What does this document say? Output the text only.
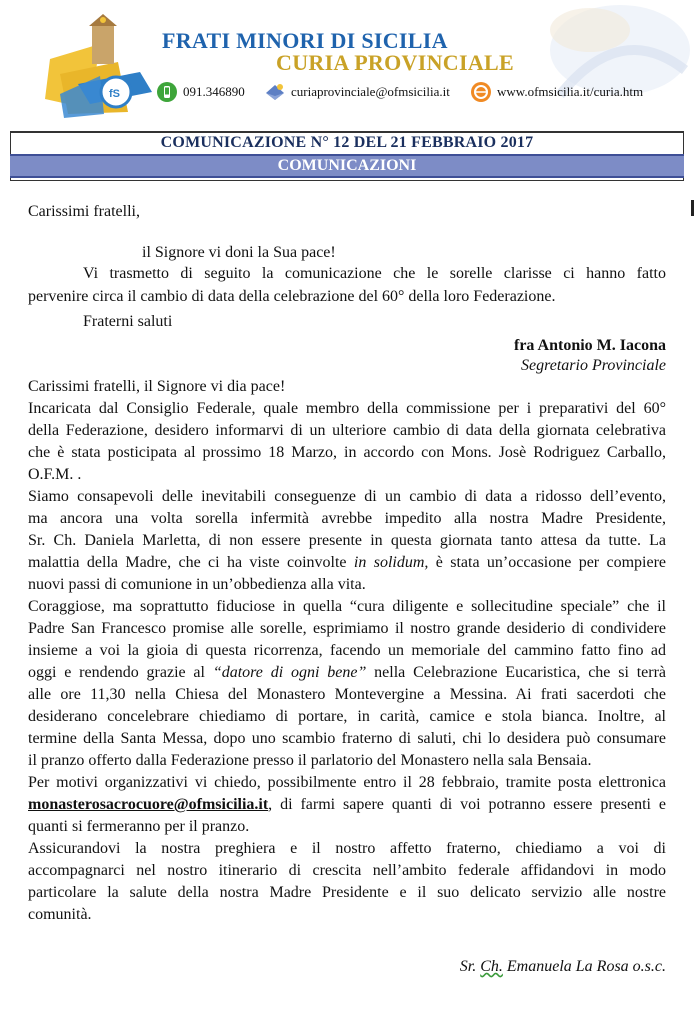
fS
FRATI MINORI DI SICILIA
CURIA PROVINCIALE
091.346890	curiaprovinciale@ofmsicilia.it	www.ofmsicilia.it/curia.htm
COMUNICAZIONE N° 12 DEL 21 FEBBRAIO 2017
COMUNICAZIONI
Carissimi fratelli,
il Signore vi doni la Sua pace!
Vi trasmetto di seguito la comunicazione che le sorelle clarisse ci hanno fatto
pervenire circa il cambio di data della celebrazione del 60° della loro Federazione.
Fraterni saluti
fra Antonio M. Iacona
Segretario Provinciale
Carissimi fratelli, il Signore vi dia pace!
Incaricata dal Consiglio Federale, quale membro della commissione per i preparativi del 60°
della Federazione, desidero informarvi di un ulteriore cambio di data della giornata celebrativa
che è stata posticipata al prossimo 18 Marzo, in accordo con Mons. Josè Rodriguez Carballo,
O.F.M. .
Siamo consapevoli delle inevitabili conseguenze di un cambio di data a ridosso dell’evento,
ma ancora una volta sorella infermità avrebbe impedito alla nostra Madre Presidente,
Sr. Ch. Daniela Marletta, di non essere presente in questa giornata tanto attesa da tutte. La
malattia della Madre, che ci ha viste coinvolte in solidum, è stata un’occasione per compiere
nuovi passi di comunione in un’obbedienza alla vita.
Coraggiose, ma soprattutto fiduciose in quella “cura diligente e sollecitudine speciale” che il
Padre San Francesco promise alle sorelle, esprimiamo il nostro grande desiderio di condividere
insieme a voi la gioia di questa ricorrenza, facendo un memoriale del cammino fatto fino ad
oggi e rendendo grazie al “datore di ogni bene” nella Celebrazione Eucaristica, che si terrà
alle ore 11,30 nella Chiesa del Monastero Montevergine a Messina. Ai frati sacerdoti che
desiderano concelebrare chiediamo di portare, in carità, camice e stola bianca. Inoltre, al
termine della Santa Messa, dopo uno scambio fraterno di saluti, chi lo desidera può consumare
il pranzo offerto dalla Federazione presso il parlatorio del Monastero nella sala Bensaia.
Per motivi organizzativi vi chiedo, possibilmente entro il 28 febbraio, tramite posta elettronica
monasterosacrocuore@ofmsicilia.it, di farmi sapere quanti di voi potranno essere presenti e
quanti si fermeranno per il pranzo.
Assicurandovi la nostra preghiera e il nostro affetto fraterno, chiediamo a voi di
accompagnarci nel nostro itinerario di crescita nell’ambito federale affidandovi in modo
particolare la salute della nostra Madre Presidente e il suo delicato servizio alle nostre
comunità.
Sr. Ch. Emanuela La Rosa o.s.c.
